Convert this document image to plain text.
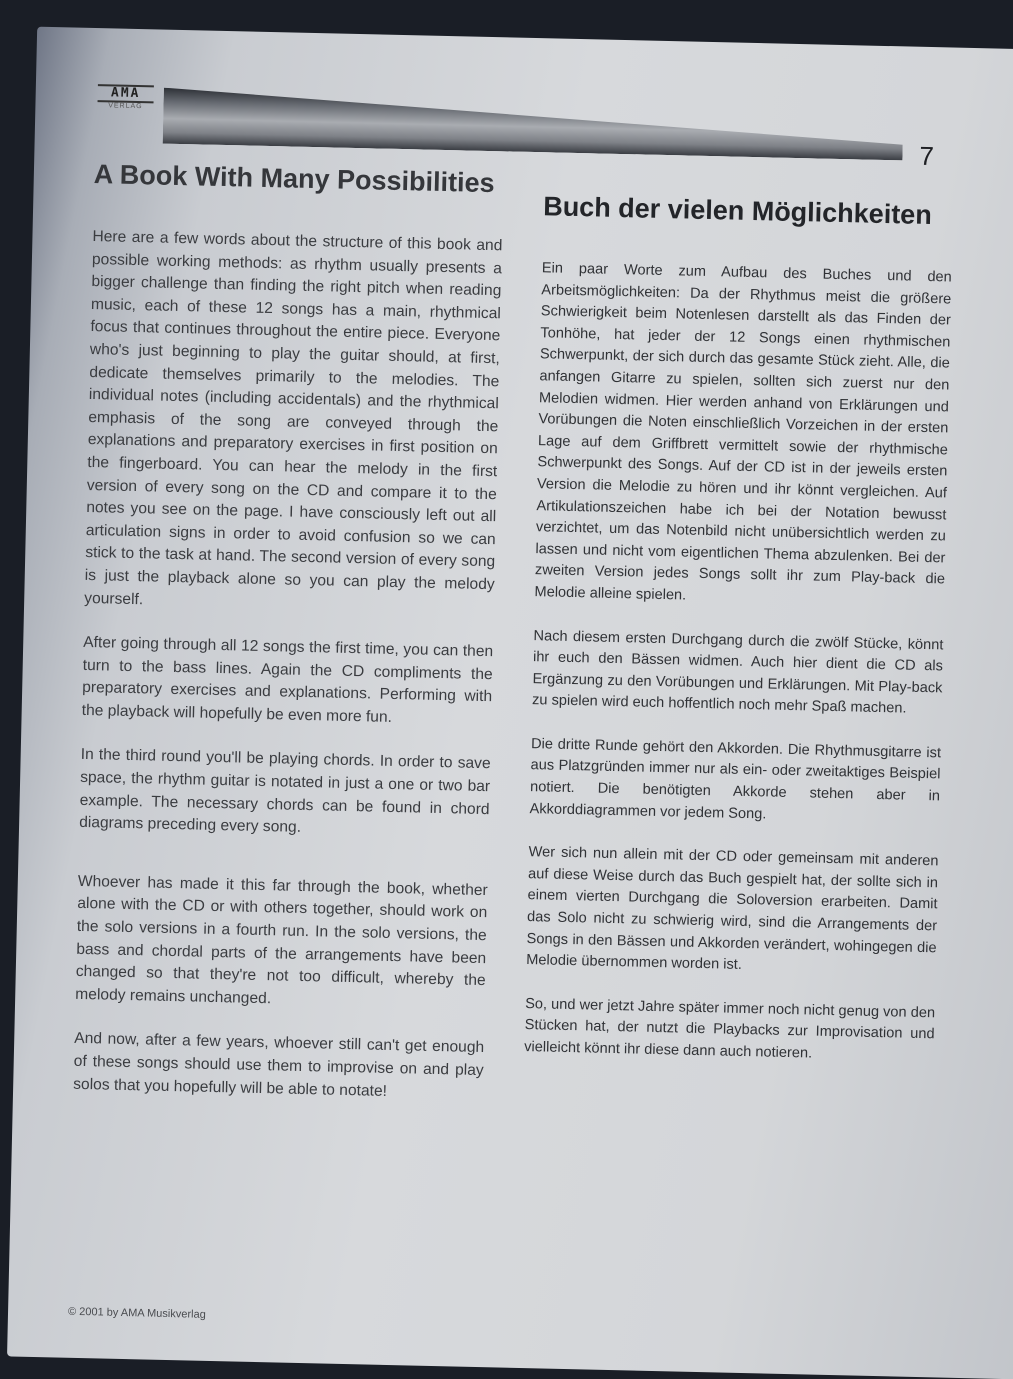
AMA
VERLAG
7
A Book With Many Possibilities

Here are a few words about the structure of this book and possible working methods: as rhythm usually presents a bigger challenge than finding the right pitch when reading music, each of these 12 songs has a main, rhythmical focus that continues throughout the entire piece. Everyone who's just beginning to play the guitar should, at first, dedicate themselves primarily to the melodies. The individual notes (including accidentals) and the rhythmical emphasis of the song are conveyed through the explanations and preparatory exercises in first position on the fingerboard. You can hear the melody in the first version of every song on the CD and compare it to the notes you see on the page. I have consciously left out all articulation signs in order to avoid confusion so we can stick to the task at hand. The second version of every song is just the playback alone so you can play the melody yourself.

After going through all 12 songs the first time, you can then turn to the bass lines. Again the CD compliments the preparatory exercises and explanations. Performing with the playback will hopefully be even more fun.

In the third round you'll be playing chords. In order to save space, the rhythm guitar is notated in just a one or two bar example. The necessary chords can be found in chord diagrams preceding every song.

Whoever has made it this far through the book, whether alone with the CD or with others together, should work on the solo versions in a fourth run. In the solo versions, the bass and chordal parts of the arrangements have been changed so that they're not too difficult, whereby the melody remains unchanged.

And now, after a few years, whoever still can't get enough of these songs should use them to improvise on and play solos that you hopefully will be able to notate!

Buch der vielen Möglichkeiten

Ein paar Worte zum Aufbau des Buches und den Arbeitsmöglichkeiten: Da der Rhythmus meist die größere Schwierigkeit beim Notenlesen darstellt als das Finden der Tonhöhe, hat jeder der 12 Songs einen rhythmischen Schwerpunkt, der sich durch das gesamte Stück zieht. Alle, die anfangen Gitarre zu spielen, sollten sich zuerst nur den Melodien widmen. Hier werden anhand von Erklärungen und Vorübungen die Noten einschließlich Vorzeichen in der ersten Lage auf dem Griffbrett vermittelt sowie der rhythmische Schwerpunkt des Songs. Auf der CD ist in der jeweils ersten Version die Melodie zu hören und ihr könnt vergleichen. Auf Artikulationszeichen habe ich bei der Notation bewusst verzichtet, um das Notenbild nicht unübersichtlich werden zu lassen und nicht vom eigentlichen Thema abzulenken. Bei der zweiten Version jedes Songs sollt ihr zum Play-back die Melodie alleine spielen.

Nach diesem ersten Durchgang durch die zwölf Stücke, könnt ihr euch den Bässen widmen. Auch hier dient die CD als Ergänzung zu den Vorübungen und Erklärungen. Mit Play-back zu spielen wird euch hoffentlich noch mehr Spaß machen.

Die dritte Runde gehört den Akkorden. Die Rhythmusgitarre ist aus Platzgründen immer nur als ein- oder zweitaktiges Beispiel notiert. Die benötigten Akkorde stehen aber in Akkorddiagrammen vor jedem Song.

Wer sich nun allein mit der CD oder gemeinsam mit anderen auf diese Weise durch das Buch gespielt hat, der sollte sich in einem vierten Durchgang die Soloversion erarbeiten. Damit das Solo nicht zu schwierig wird, sind die Arrangements der Songs in den Bässen und Akkorden verändert, wohingegen die Melodie übernommen worden ist.

So, und wer jetzt Jahre später immer noch nicht genug von den Stücken hat, der nutzt die Playbacks zur Improvisation und vielleicht könnt ihr diese dann auch notieren.

© 2001 by AMA Musikverlag
